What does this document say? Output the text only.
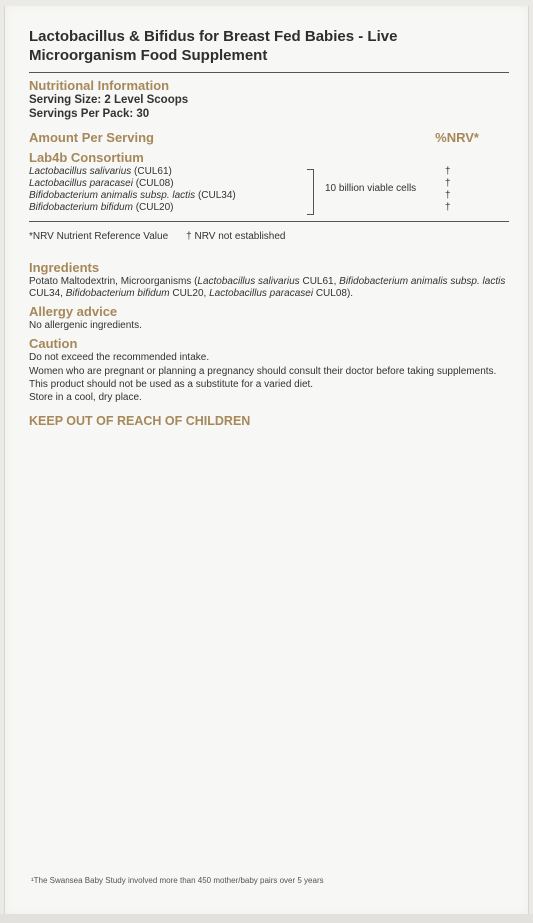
Lactobacillus & Bifidus for Breast Fed Babies - Live Microorganism Food Supplement

Nutritional Information
Serving Size: 2 Level Scoops
Servings Per Pack: 30
Amount Per Serving	%NRV*
Lab4b Consortium
Lactobacillus salivarius (CUL61)
Lactobacillus paracasei (CUL08)
Bifidobacterium animalis subsp. lactis (CUL34)
Bifidobacterium bifidum (CUL20)
10 billion viable cells
†
†
†
†
*NRV Nutrient Reference Value † NRV not established
Ingredients

Potato Maltodextrin, Microorganisms (Lactobacillus salivarius CUL61, Bifidobacterium animalis subsp. lactis CUL34, Bifidobacterium bifidum CUL20, Lactobacillus paracasei CUL08).

Allergy advice

No allergenic ingredients.

Caution

Do not exceed the recommended intake.

Women who are pregnant or planning a pregnancy should consult their doctor before taking supplements.

This product should not be used as a substitute for a varied diet.

Store in a cool, dry place.

KEEP OUT OF REACH OF CHILDREN
¹The Swansea Baby Study involved more than 450 mother/baby pairs over 5 years
